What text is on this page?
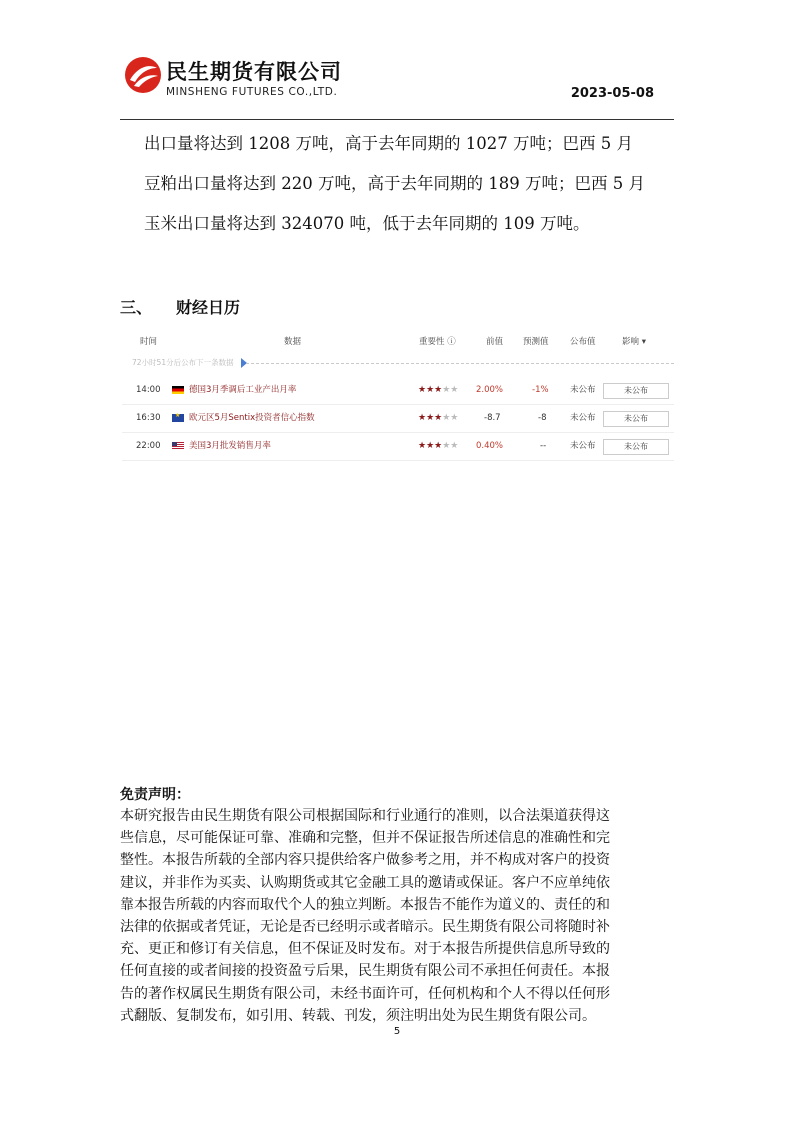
民生期货有限公司
MINSHENG FUTURES CO.,LTD.	2023-05-08

出口量将达到 1208 万吨，高于去年同期的 1027 万吨；巴西 5 月

豆粕出口量将达到 220 万吨，高于去年同期的 189 万吨；巴西 5 月

玉米出口量将达到 324070 吨，低于去年同期的 109 万吨。

三、 财经日历
时间	数据	重要性 ⓘ	前值 预测值	公布值	影响 ▾
72小时51分后公布下一条数据
14:00	德国3月季调后工业产出月率	★★★★★ 2.00%	-1%	未公布	未公布
16:30
★	欧元区5月Sentix投资者信心指数	★★★★★	-8.7	-8	未公布	未公布
22:00	美国3月批发销售月率	★★★★★ 0.40%	--	未公布	未公布
免责声明：

本研究报告由民生期货有限公司根据国际和行业通行的准则，以合法渠道获得这

些信息，尽可能保证可靠、准确和完整，但并不保证报告所述信息的准确性和完

整性。本报告所载的全部内容只提供给客户做参考之用，并不构成对客户的投资

建议，并非作为买卖、认购期货或其它金融工具的邀请或保证。客户不应单纯依

靠本报告所载的内容而取代个人的独立判断。本报告不能作为道义的、责任的和

法律的依据或者凭证，无论是否已经明示或者暗示。民生期货有限公司将随时补

充、更正和修订有关信息，但不保证及时发布。对于本报告所提供信息所导致的

任何直接的或者间接的投资盈亏后果，民生期货有限公司不承担任何责任。本报

告的著作权属民生期货有限公司，未经书面许可，任何机构和个人不得以任何形

式翻版、复制发布，如引用、转载、刊发，须注明出处为民生期货有限公司。

5
